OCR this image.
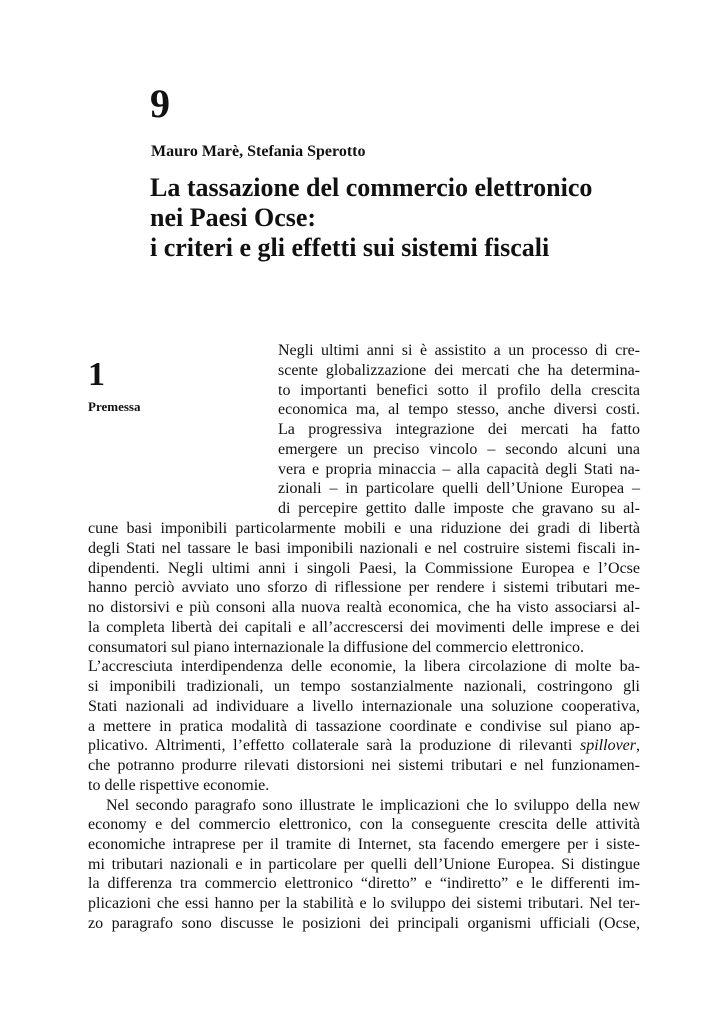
9
Mauro Marè, Stefania Sperotto
La tassazione del commercio elettronico
nei Paesi Ocse:
i criteri e gli effetti sui sistemi fiscali
1
Premessa
Negli ultimi anni si è assistito a un processo di cre-
scente globalizzazione dei mercati che ha determina-
to importanti benefici sotto il profilo della crescita
economica ma, al tempo stesso, anche diversi costi.
La progressiva integrazione dei mercati ha fatto
emergere un preciso vincolo – secondo alcuni una
vera e propria minaccia – alla capacità degli Stati na-
zionali – in particolare quelli dell’Unione Europea –
di percepire gettito dalle imposte che gravano su al-
cune basi imponibili particolarmente mobili e una riduzione dei gradi di libertà
degli Stati nel tassare le basi imponibili nazionali e nel costruire sistemi fiscali in-
dipendenti. Negli ultimi anni i singoli Paesi, la Commissione Europea e l’Ocse
hanno perciò avviato uno sforzo di riflessione per rendere i sistemi tributari me-
no distorsivi e più consoni alla nuova realtà economica, che ha visto associarsi al-
la completa libertà dei capitali e all’accrescersi dei movimenti delle imprese e dei
consumatori sul piano internazionale la diffusione del commercio elettronico.
L’accresciuta interdipendenza delle economie, la libera circolazione di molte ba-
si imponibili tradizionali, un tempo sostanzialmente nazionali, costringono gli
Stati nazionali ad individuare a livello internazionale una soluzione cooperativa,
a mettere in pratica modalità di tassazione coordinate e condivise sul piano ap-
plicativo. Altrimenti, l’effetto collaterale sarà la produzione di rilevanti spillover,
che potranno produrre rilevati distorsioni nei sistemi tributari e nel funzionamen-
to delle rispettive economie.
Nel secondo paragrafo sono illustrate le implicazioni che lo sviluppo della new
economy e del commercio elettronico, con la conseguente crescita delle attività
economiche intraprese per il tramite di Internet, sta facendo emergere per i siste-
mi tributari nazionali e in particolare per quelli dell’Unione Europea. Si distingue
la differenza tra commercio elettronico “diretto” e “indiretto” e le differenti im-
plicazioni che essi hanno per la stabilità e lo sviluppo dei sistemi tributari. Nel ter-
zo paragrafo sono discusse le posizioni dei principali organismi ufficiali (Ocse,
